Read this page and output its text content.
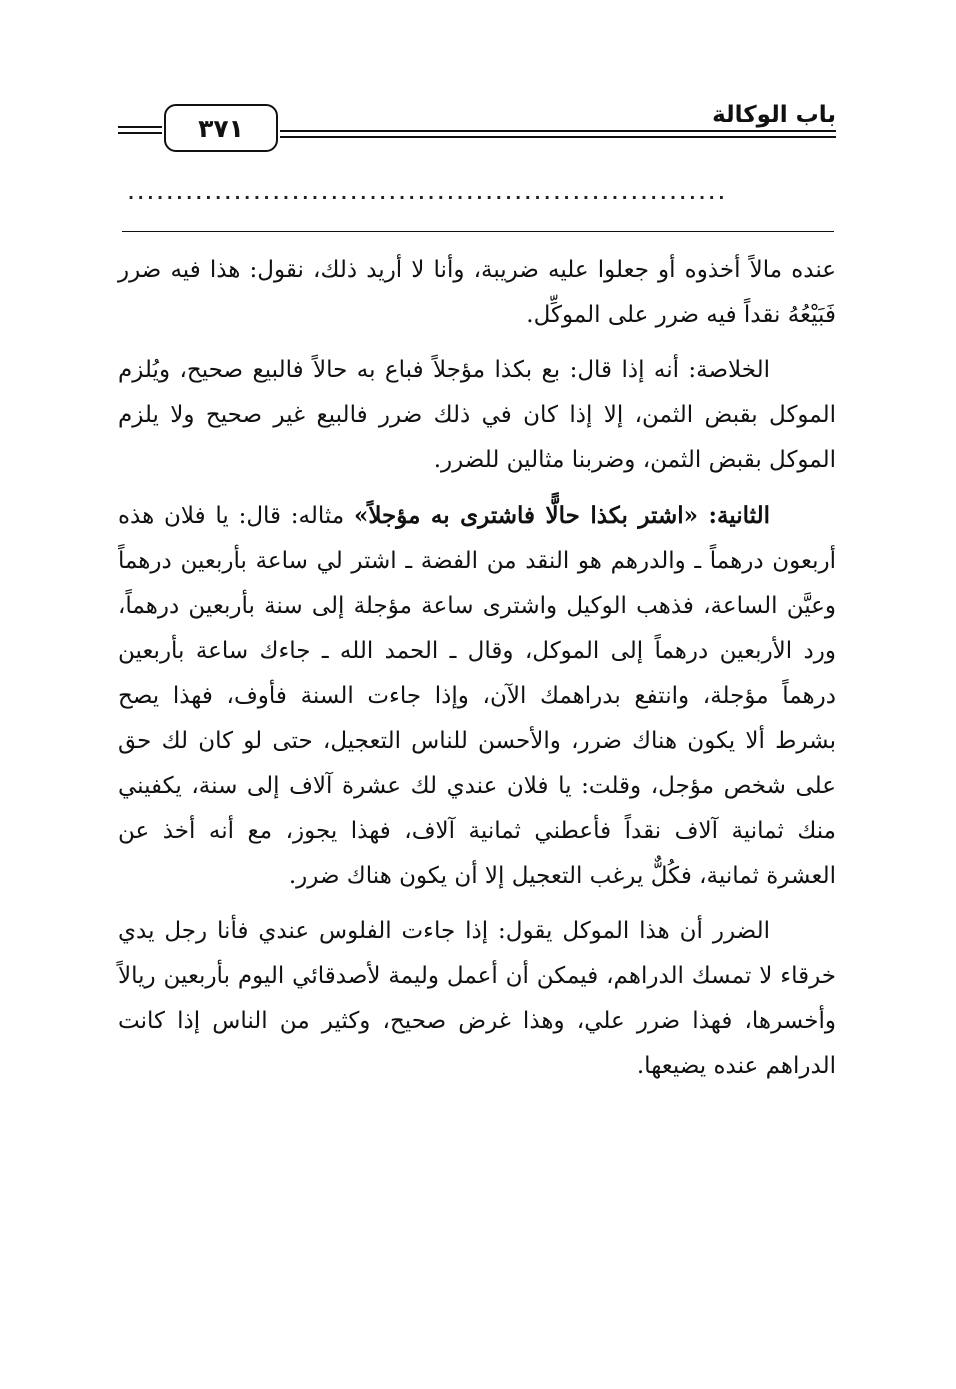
باب الوكالة
٣٧١
..............................................................

عنده مالاً أخذوه أو جعلوا عليه ضريبة، وأنا لا أريد ذلك، نقول: هذا فيه ضرر فَبَيْعُهُ نقداً فيه ضرر على الموكِّل.

الخلاصة: أنه إذا قال: بع بكذا مؤجلاً فباع به حالاً فالبيع صحيح، ويُلزم الموكل بقبض الثمن، إلا إذا كان في ذلك ضرر فالبيع غير صحيح ولا يلزم الموكل بقبض الثمن، وضربنا مثالين للضرر.

الثانية: «اشتر بكذا حالًّا فاشترى به مؤجلاً» مثاله: قال: يا فلان هذه أربعون درهماً ـ والدرهم هو النقد من الفضة ـ اشتر لي ساعة بأربعين درهماً وعيَّن الساعة، فذهب الوكيل واشترى ساعة مؤجلة إلى سنة بأربعين درهماً، ورد الأربعين درهماً إلى الموكل، وقال ـ الحمد الله ـ جاءك ساعة بأربعين درهماً مؤجلة، وانتفع بدراهمك الآن، وإذا جاءت السنة فأوف، فهذا يصح بشرط ألا يكون هناك ضرر، والأحسن للناس التعجيل، حتى لو كان لك حق على شخص مؤجل، وقلت: يا فلان عندي لك عشرة آلاف إلى سنة، يكفيني منك ثمانية آلاف نقداً فأعطني ثمانية آلاف، فهذا يجوز، مع أنه أخذ عن العشرة ثمانية، فكُلٌّ يرغب التعجيل إلا أن يكون هناك ضرر.

الضرر أن هذا الموكل يقول: إذا جاءت الفلوس عندي فأنا رجل يدي خرقاء لا تمسك الدراهم، فيمكن أن أعمل وليمة لأصدقائي اليوم بأربعين ريالاً وأخسرها، فهذا ضرر علي، وهذا غرض صحيح، وكثير من الناس إذا كانت الدراهم عنده يضيعها.
